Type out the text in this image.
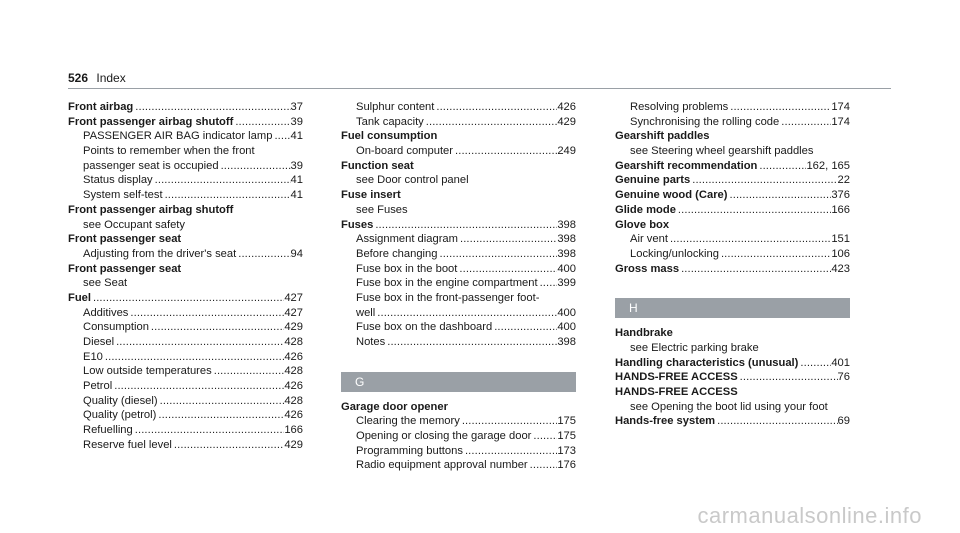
526 Index
Front airbag . . .	37
Front passenger airbag shutoff . . .	39
PASSENGER AIR BAG indicator lamp . . . 41
Points to remember when the front
passenger seat is occupied . . .	39
Status display . . .	41
System self-test . . .	41
Front passenger airbag shutoff
see Occupant safety
Front passenger seat
Adjusting from the driver's seat . . .	94
Front passenger seat
see Seat
Fuel . . .	427
Additives . . .	427
Consumption . . .	429
Diesel . . .	428
E10 . . .	426
Low outside temperatures . . .	428
Petrol . . .	426
Quality (diesel) . . .	428
Quality (petrol) . . .	426
Refuelling . . .	166
Reserve fuel level . . .	429
Sulphur content . . .	426
Tank capacity . . .	429
Fuel consumption
On-board computer . . .	249
Function seat
see Door control panel
Fuse insert
see Fuses
Fuses . . .	398
Assignment diagram . . .	398
Before changing . . .	398
Fuse box in the boot . . .	400
Fuse box in the engine compartment . . . 399
Fuse box in the front-passenger foot-
well . . .	400
Fuse box on the dashboard . . .	400
Notes . . .	398
G
Garage door opener
Clearing the memory . . .	175
Opening or closing the garage door . . . 175
Programming buttons . . .	173
Radio equipment approval number . . .	176
Resolving problems . . .	174
Synchronising the rolling code . . .	174
Gearshift paddles
see Steering wheel gearshift paddles
Gearshift recommendation . . .	162, 165
Genuine parts . . .	22
Genuine wood (Care) . . .	376
Glide mode . . .	166
Glove box
Air vent . . .	151
Locking/unlocking . . .	106
Gross mass . . .	423
H
Handbrake
see Electric parking brake
Handling characteristics (unusual) . . .	401
HANDS-FREE ACCESS . . .	76
HANDS-FREE ACCESS
see Opening the boot lid using your foot
Hands-free system . . .	69
carmanualsonline.info
